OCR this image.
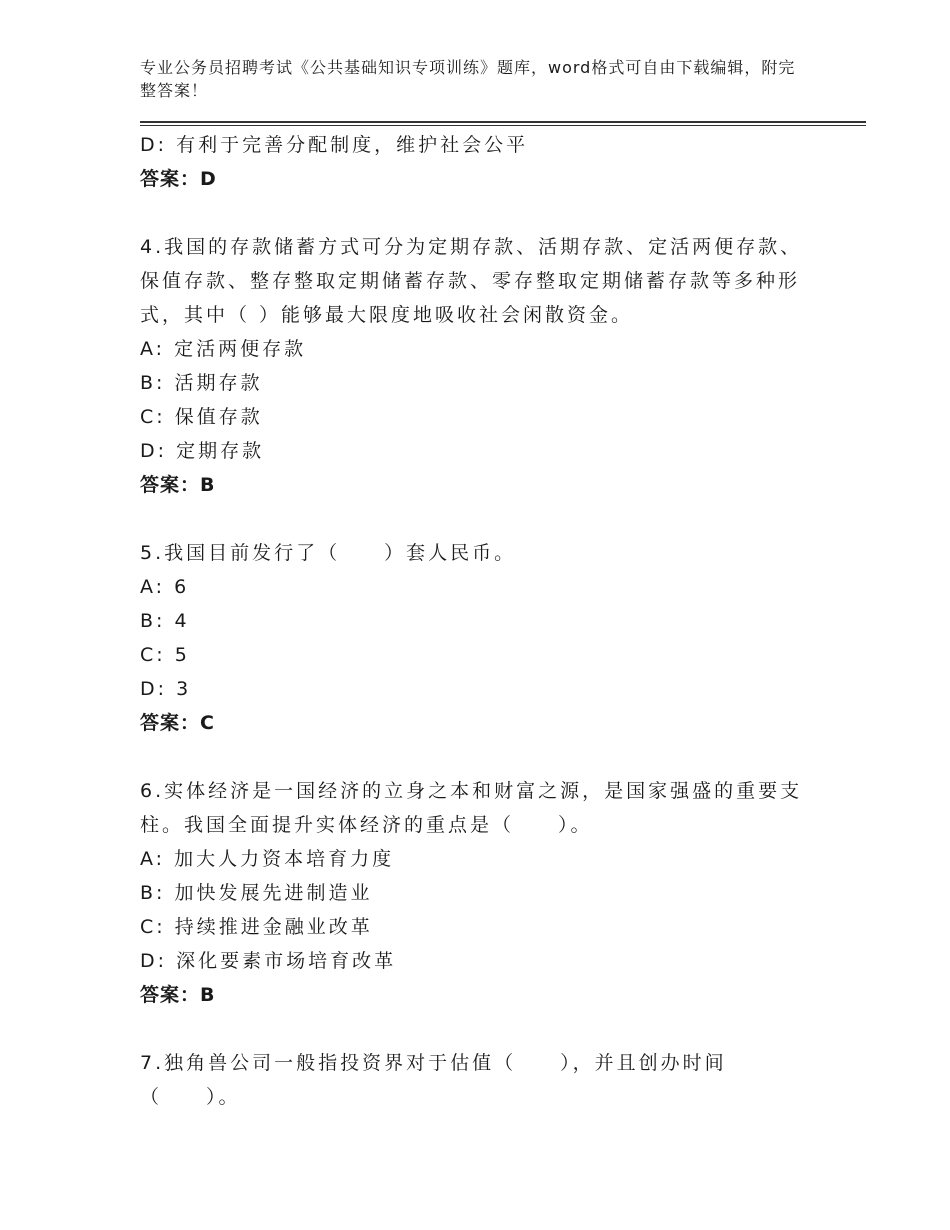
专业公务员招聘考试《公共基础知识专项训练》题库，word格式可自由下载编辑，附完整答案！
D: 有利于完善分配制度，维护社会公平
答案：D
4.我国的存款储蓄方式可分为定期存款、活期存款、定活两便存款、保值存款、整存整取定期储蓄存款、零存整取定期储蓄存款等多种形式，其中（ ）能够最大限度地吸收社会闲散资金。
A: 定活两便存款
B: 活期存款
C: 保值存款
D: 定期存款
答案：B
5.我国目前发行了（　　）套人民币。
A: 6
B: 4
C: 5
D: 3
答案：C
6.实体经济是一国经济的立身之本和财富之源，是国家强盛的重要支柱。我国全面提升实体经济的重点是（　　）。
A: 加大人力资本培育力度
B: 加快发展先进制造业
C: 持续推进金融业改革
D: 深化要素市场培育改革
答案：B
7.独角兽公司一般指投资界对于估值（　　），并且创办时间
（　　）。
